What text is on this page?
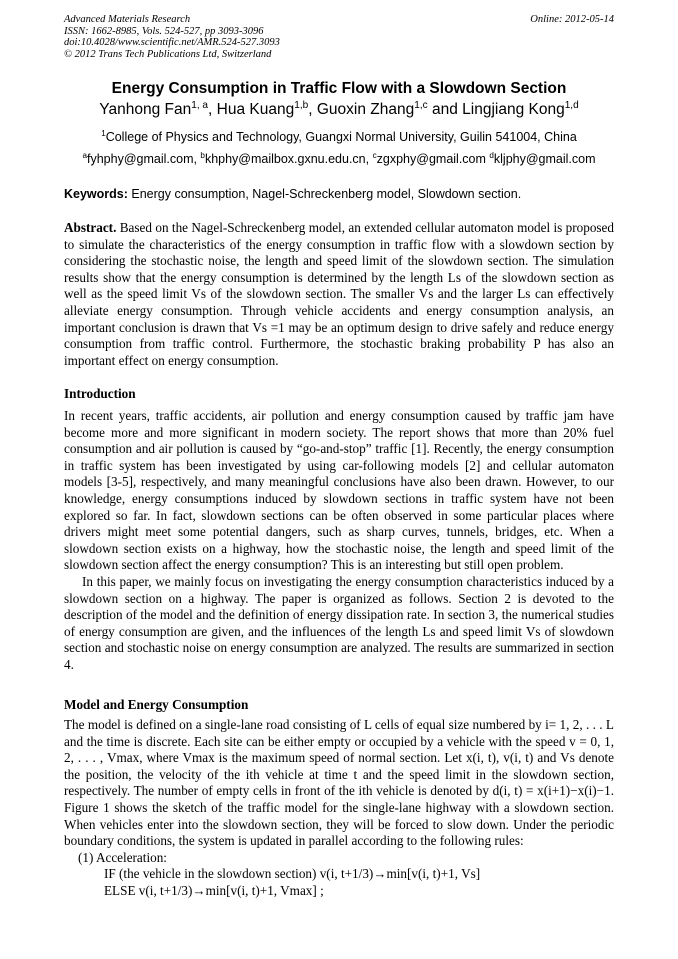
Advanced Materials Research
ISSN: 1662-8985, Vols. 524-527, pp 3093-3096
doi:10.4028/www.scientific.net/AMR.524-527.3093
© 2012 Trans Tech Publications Ltd, Switzerland
Online: 2012-05-14
Energy Consumption in Traffic Flow with a Slowdown Section
Yanhong Fan$^{1, a}$, Hua Kuang$^{1,b}$, Guoxin Zhang$^{1,c}$ and Lingjiang Kong$^{1,d}$
$^1$College of Physics and Technology, Guangxi Normal University, Guilin 541004, China
$^a$fyhphy@gmail.com, $^b$khphy@mailbox.gxnu.edu.cn, $^c$zgxphy@gmail.com $^d$kljphy@gmail.com
Keywords: Energy consumption, Nagel-Schreckenberg model, Slowdown section.
Abstract. Based on the Nagel-Schreckenberg model, an extended cellular automaton model is proposed to simulate the characteristics of the energy consumption in traffic flow with a slowdown section by considering the stochastic noise, the length and speed limit of the slowdown section. The simulation results show that the energy consumption is determined by the length Ls of the slowdown section as well as the speed limit Vs of the slowdown section. The smaller Vs and the larger Ls can effectively alleviate energy consumption. Through vehicle accidents and energy consumption analysis, an important conclusion is drawn that Vs =1 may be an optimum design to drive safely and reduce energy consumption from traffic control. Furthermore, the stochastic braking probability P has also an important effect on energy consumption.
Introduction

In recent years, traffic accidents, air pollution and energy consumption caused by traffic jam have become more and more significant in modern society. The report shows that more than 20% fuel consumption and air pollution is caused by “go-and-stop” traffic [1]. Recently, the energy consumption in traffic system has been investigated by using car-following models [2] and cellular automaton models [3-5], respectively, and many meaningful conclusions have also been drawn. However, to our knowledge, energy consumptions induced by slowdown sections in traffic system have not been explored so far. In fact, slowdown sections can be often observed in some particular places where drivers might meet some potential dangers, such as sharp curves, tunnels, bridges, etc. When a slowdown section exists on a highway, how the stochastic noise, the length and speed limit of the slowdown section affect the energy consumption? This is an interesting but still open problem.

In this paper, we mainly focus on investigating the energy consumption characteristics induced by a slowdown section on a highway. The paper is organized as follows. Section 2 is devoted to the description of the model and the definition of energy dissipation rate. In section 3, the numerical studies of energy consumption are given, and the influences of the length Ls and speed limit Vs of slowdown section and stochastic noise on energy consumption are analyzed. The results are summarized in section 4.

Model and Energy Consumption

The model is defined on a single-lane road consisting of L cells of equal size numbered by i= 1, 2, . . . L and the time is discrete. Each site can be either empty or occupied by a vehicle with the speed v = 0, 1, 2, . . . , Vmax, where Vmax is the maximum speed of normal section. Let x(i, t), v(i, t) and Vs denote the position, the velocity of the ith vehicle at time t and the speed limit in the slowdown section, respectively. The number of empty cells in front of the ith vehicle is denoted by d(i, t) = x(i+1)−x(i)−1. Figure 1 shows the sketch of the traffic model for the single-lane highway with a slowdown section. When vehicles enter into the slowdown section, they will be forced to slow down. Under the periodic boundary conditions, the system is updated in parallel according to the following rules:

(1) Acceleration:

IF (the vehicle in the slowdown section) v(i, t+1/3)→min[v(i, t)+1, Vs]

ELSE v(i, t+1/3)→min[v(i, t)+1, Vmax] ;
